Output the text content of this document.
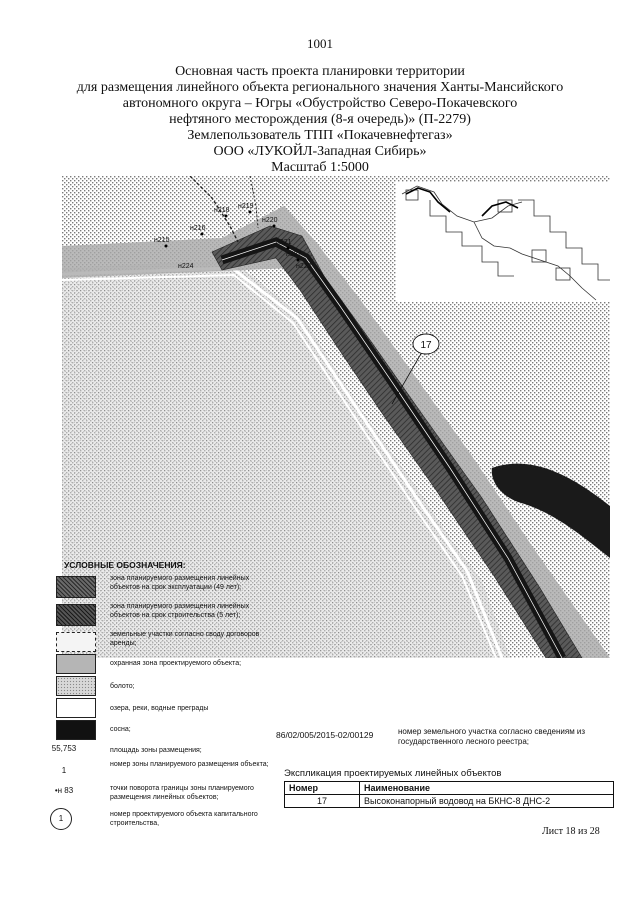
1001
Основная часть проекта планировки территории
для размещения линейного объекта регионального значения Ханты-Мансийского
автономного округа – Югры «Обустройство Северо-Покачевского
нефтяного месторождения (8-я очередь)» (П-2279)
Землепользователь ТПП «Покачевнефтегаз»
ООО «ЛУКОЙЛ-Западная Сибирь»
Масштаб 1:5000
н215
н216
н218
н219
н220
н221
н222
н223
н224
17
УСЛОВНЫЕ ОБОЗНАЧЕНИЯ:
зона планируемого размещения линейных объектов на срок эксплуатации (49 лет);
зона планируемого размещения линейных объектов на срок строительства (5 лет);
земельные участки согласно своду договоров аренды;
охранная зона проектируемого объекта;
болото;
озера, реки, водные преграды
сосна;
55,753	площадь зоны размещения;
1
номер зоны планируемого размещения объекта;
•н 83	точки поворота границы зоны планируемого размещения линейных объектов;
1	номер проектируемого объекта капитального строительства,
86/02/005/2015-02/00129	номер земельного участка согласно сведениям из государственного лесного реестра;
Экспликация проектируемых линейных объектов
Номер	Наименование
17	Высоконапорный водовод на БКНС-8 ДНС-2
Лист 18 из 28
